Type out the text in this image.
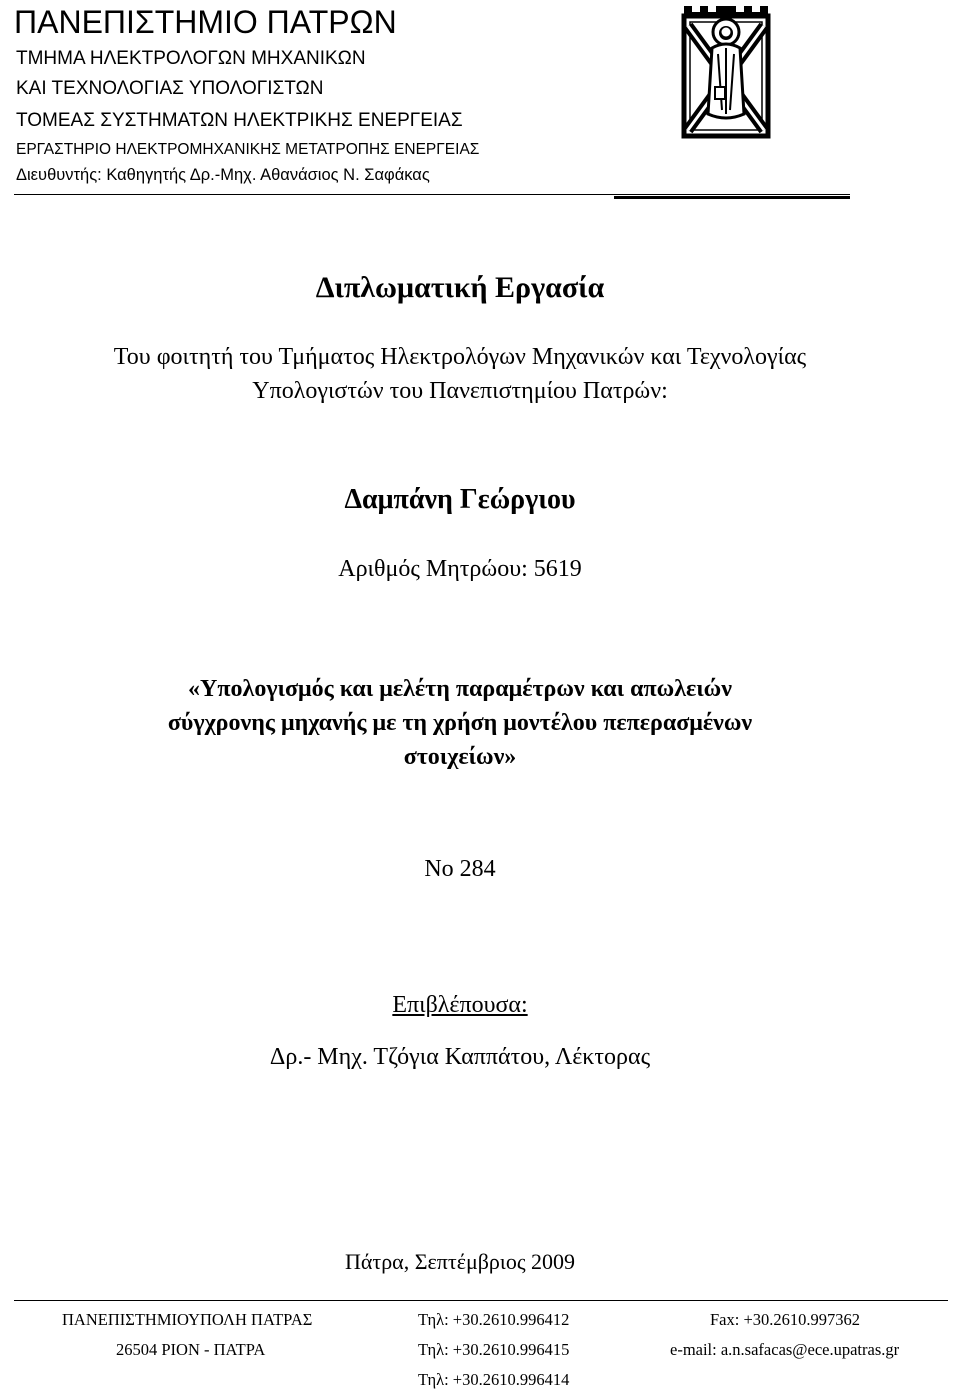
ΠΑΝΕΠΙΣΤΗΜΙΟ ΠΑΤΡΩΝ
ΤΜΗΜΑ ΗΛΕΚΤΡΟΛΟΓΩΝ ΜΗΧΑΝΙΚΩΝ
ΚΑΙ ΤΕΧΝΟΛΟΓΙΑΣ ΥΠΟΛΟΓΙΣΤΩΝ
ΤΟΜΕΑΣ ΣΥΣΤΗΜΑΤΩΝ ΗΛΕΚΤΡΙΚΗΣ ΕΝΕΡΓΕΙΑΣ
ΕΡΓΑΣΤΗΡΙΟ ΗΛΕΚΤΡΟΜΗΧΑΝΙΚΗΣ ΜΕΤΑΤΡΟΠΗΣ ΕΝΕΡΓΕΙΑΣ
Διευθυντής: Καθηγητής Δρ.-Μηχ. Αθανάσιος Ν. Σαφάκας
Διπλωματική Εργασία
Του φοιτητή του Τμήματος Ηλεκτρολόγων Μηχανικών και Τεχνολογίας
Υπολογιστών του Πανεπιστημίου Πατρών:
Δαμπάνη Γεώργιου
Αριθμός Μητρώου: 5619
«Υπολογισμός και μελέτη παραμέτρων και απωλειών
σύγχρονης μηχανής με τη χρήση μοντέλου πεπερασμένων
στοιχείων»
Νο 284
Επιβλέπουσα:
Δρ.- Μηχ. Τζόγια Καππάτου, Λέκτορας
Πάτρα, Σεπτέμβριος 2009
ΠΑΝΕΠΙΣΤΗΜΙΟΥΠΟΛΗ ΠΑΤΡΑΣ
26504 ΡΙΟΝ - ΠΑΤΡΑ
Τηλ: +30.2610.996412
Τηλ: +30.2610.996415
Τηλ: +30.2610.996414
Fax: +30.2610.997362
e-mail: a.n.safacas@ece.upatras.gr
